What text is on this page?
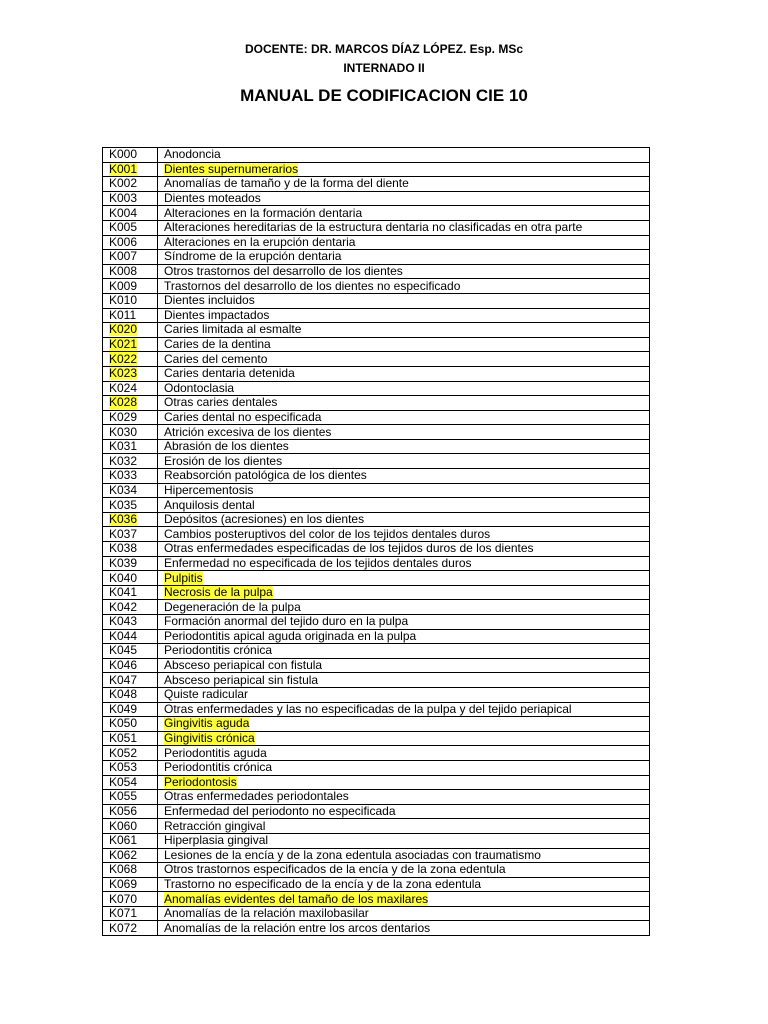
DOCENTE: DR. MARCOS DÍAZ LÓPEZ. Esp. MSc
INTERNADO II
MANUAL DE CODIFICACION CIE 10
K000	Anodoncia
K001	Dientes supernumerarios
K002	Anomalías de tamaño y de la forma del diente
K003	Dientes moteados
K004	Alteraciones en la formación dentaria
K005	Alteraciones hereditarias de la estructura dentaria no clasificadas en otra parte
K006	Alteraciones en la erupción dentaria
K007	Síndrome de la erupción dentaria
K008	Otros trastornos del desarrollo de los dientes
K009	Trastornos del desarrollo de los dientes no especificado
K010	Dientes incluidos
K011	Dientes impactados
K020	Caries limitada al esmalte
K021	Caries de la dentina
K022	Caries del cemento
K023	Caries dentaria detenida
K024	Odontoclasia
K028	Otras caries dentales
K029	Caries dental no especificada
K030	Atrición excesiva de los dientes
K031	Abrasión de los dientes
K032	Erosión de los dientes
K033	Reabsorción patológica de los dientes
K034	Hipercementosis
K035	Anquilosis dental
K036	Depósitos (acresiones) en los dientes
K037	Cambios posteruptivos del color de los tejidos dentales duros
K038	Otras enfermedades especificadas de los tejidos duros de los dientes
K039	Enfermedad no especificada de los tejidos dentales duros
K040	Pulpitis
K041	Necrosis de la pulpa
K042	Degeneración de la pulpa
K043	Formación anormal del tejido duro en la pulpa
K044	Periodontitis apical aguda originada en la pulpa
K045	Periodontitis crónica
K046	Absceso periapical con fistula
K047	Absceso periapical sin fistula
K048	Quiste radicular
K049	Otras enfermedades y las no especificadas de la pulpa y del tejido periapical
K050	Gingivitis aguda
K051	Gingivitis crónica
K052	Periodontitis aguda
K053	Periodontitis crónica
K054	Periodontosis
K055	Otras enfermedades periodontales
K056	Enfermedad del periodonto no especificada
K060	Retracción gingival
K061	Hiperplasia gingival
K062	Lesiones de la encía y de la zona edentula asociadas con traumatismo
K068	Otros trastornos especificados de la encía y de la zona edentula
K069	Trastorno no especificado de la encía y de la zona edentula
K070	Anomalías evidentes del tamaño de los maxilares
K071	Anomalías de la relación maxilobasilar
K072	Anomalías de la relación entre los arcos dentarios
